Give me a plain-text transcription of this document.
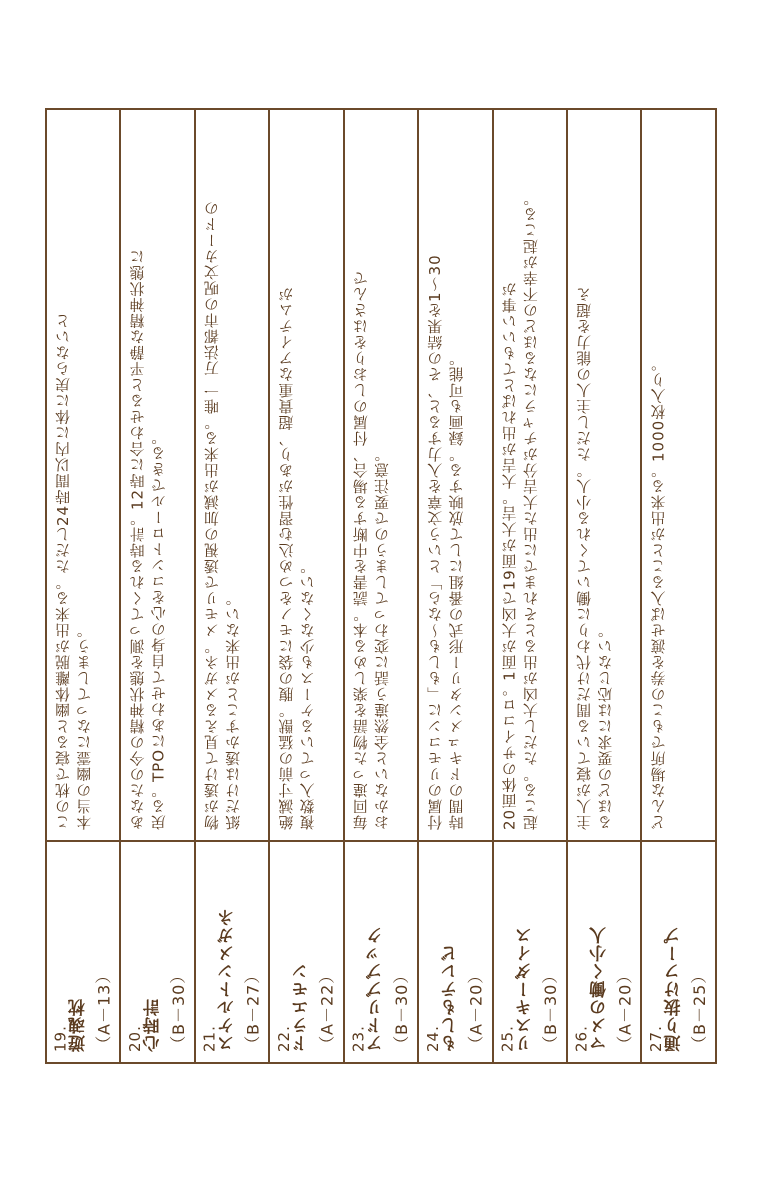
19. 遊魂枕 （A－13）
この枕で寝ると幽体離脱が出来る。ただし24時間以内に体に戻らないと 本当の幽霊になってしまう。
20. 心時計 （B－30）
あなたの今の精神状態を測ってくれる時計。12時に合わせると平静な精神状態に 戻る。TPOにあわせて自身の心をコントロールできる。
21. スケルトンメガネ （B－27）
物が透けて見えるメガネ。メモリで透視の加減が出来る。唯一 万法都市の呪文カードの 紙だけは透かすことが出来ない。
22. ドラエモン （A－22）
絶滅寸前の猛獣。腹の袋にモノをつめ込む習性があり、超貴重なアイテムが 複数入っているケースも少なくない。
23. アドリブブック （B－30）
毎回違った物語を楽しめる本。読書を中断する場合、付属のしおりをはさんで おかないと全然違う話に変わってしまうので要注意。
24. もしもテレビ （A－20）
付属のリモコンに「もしも～なら」という文章を入力すると、その結果を1～30 時間のドキュメンタリー形式の番組にして放映する。録画も可能。
25. リスキーダイス （B－30）
20面体のサイコロ。1面が大凶で19面が大吉。大吉が出ればとてもいい事が 起こる。ただし大凶が出るとそれまでに出た大吉分がチャラになるほどの不幸が起こる。
26. マメの働く小人 （A－20）
主人が寝ている間だけ代わりに働いてくれる小人。ただし主人の能力を超え るほどの要求には応じない。
27. 通り抜けフープ （B－25）
どんな場所でもこの券を渡せば入ることが出来る。1000枚入り。
